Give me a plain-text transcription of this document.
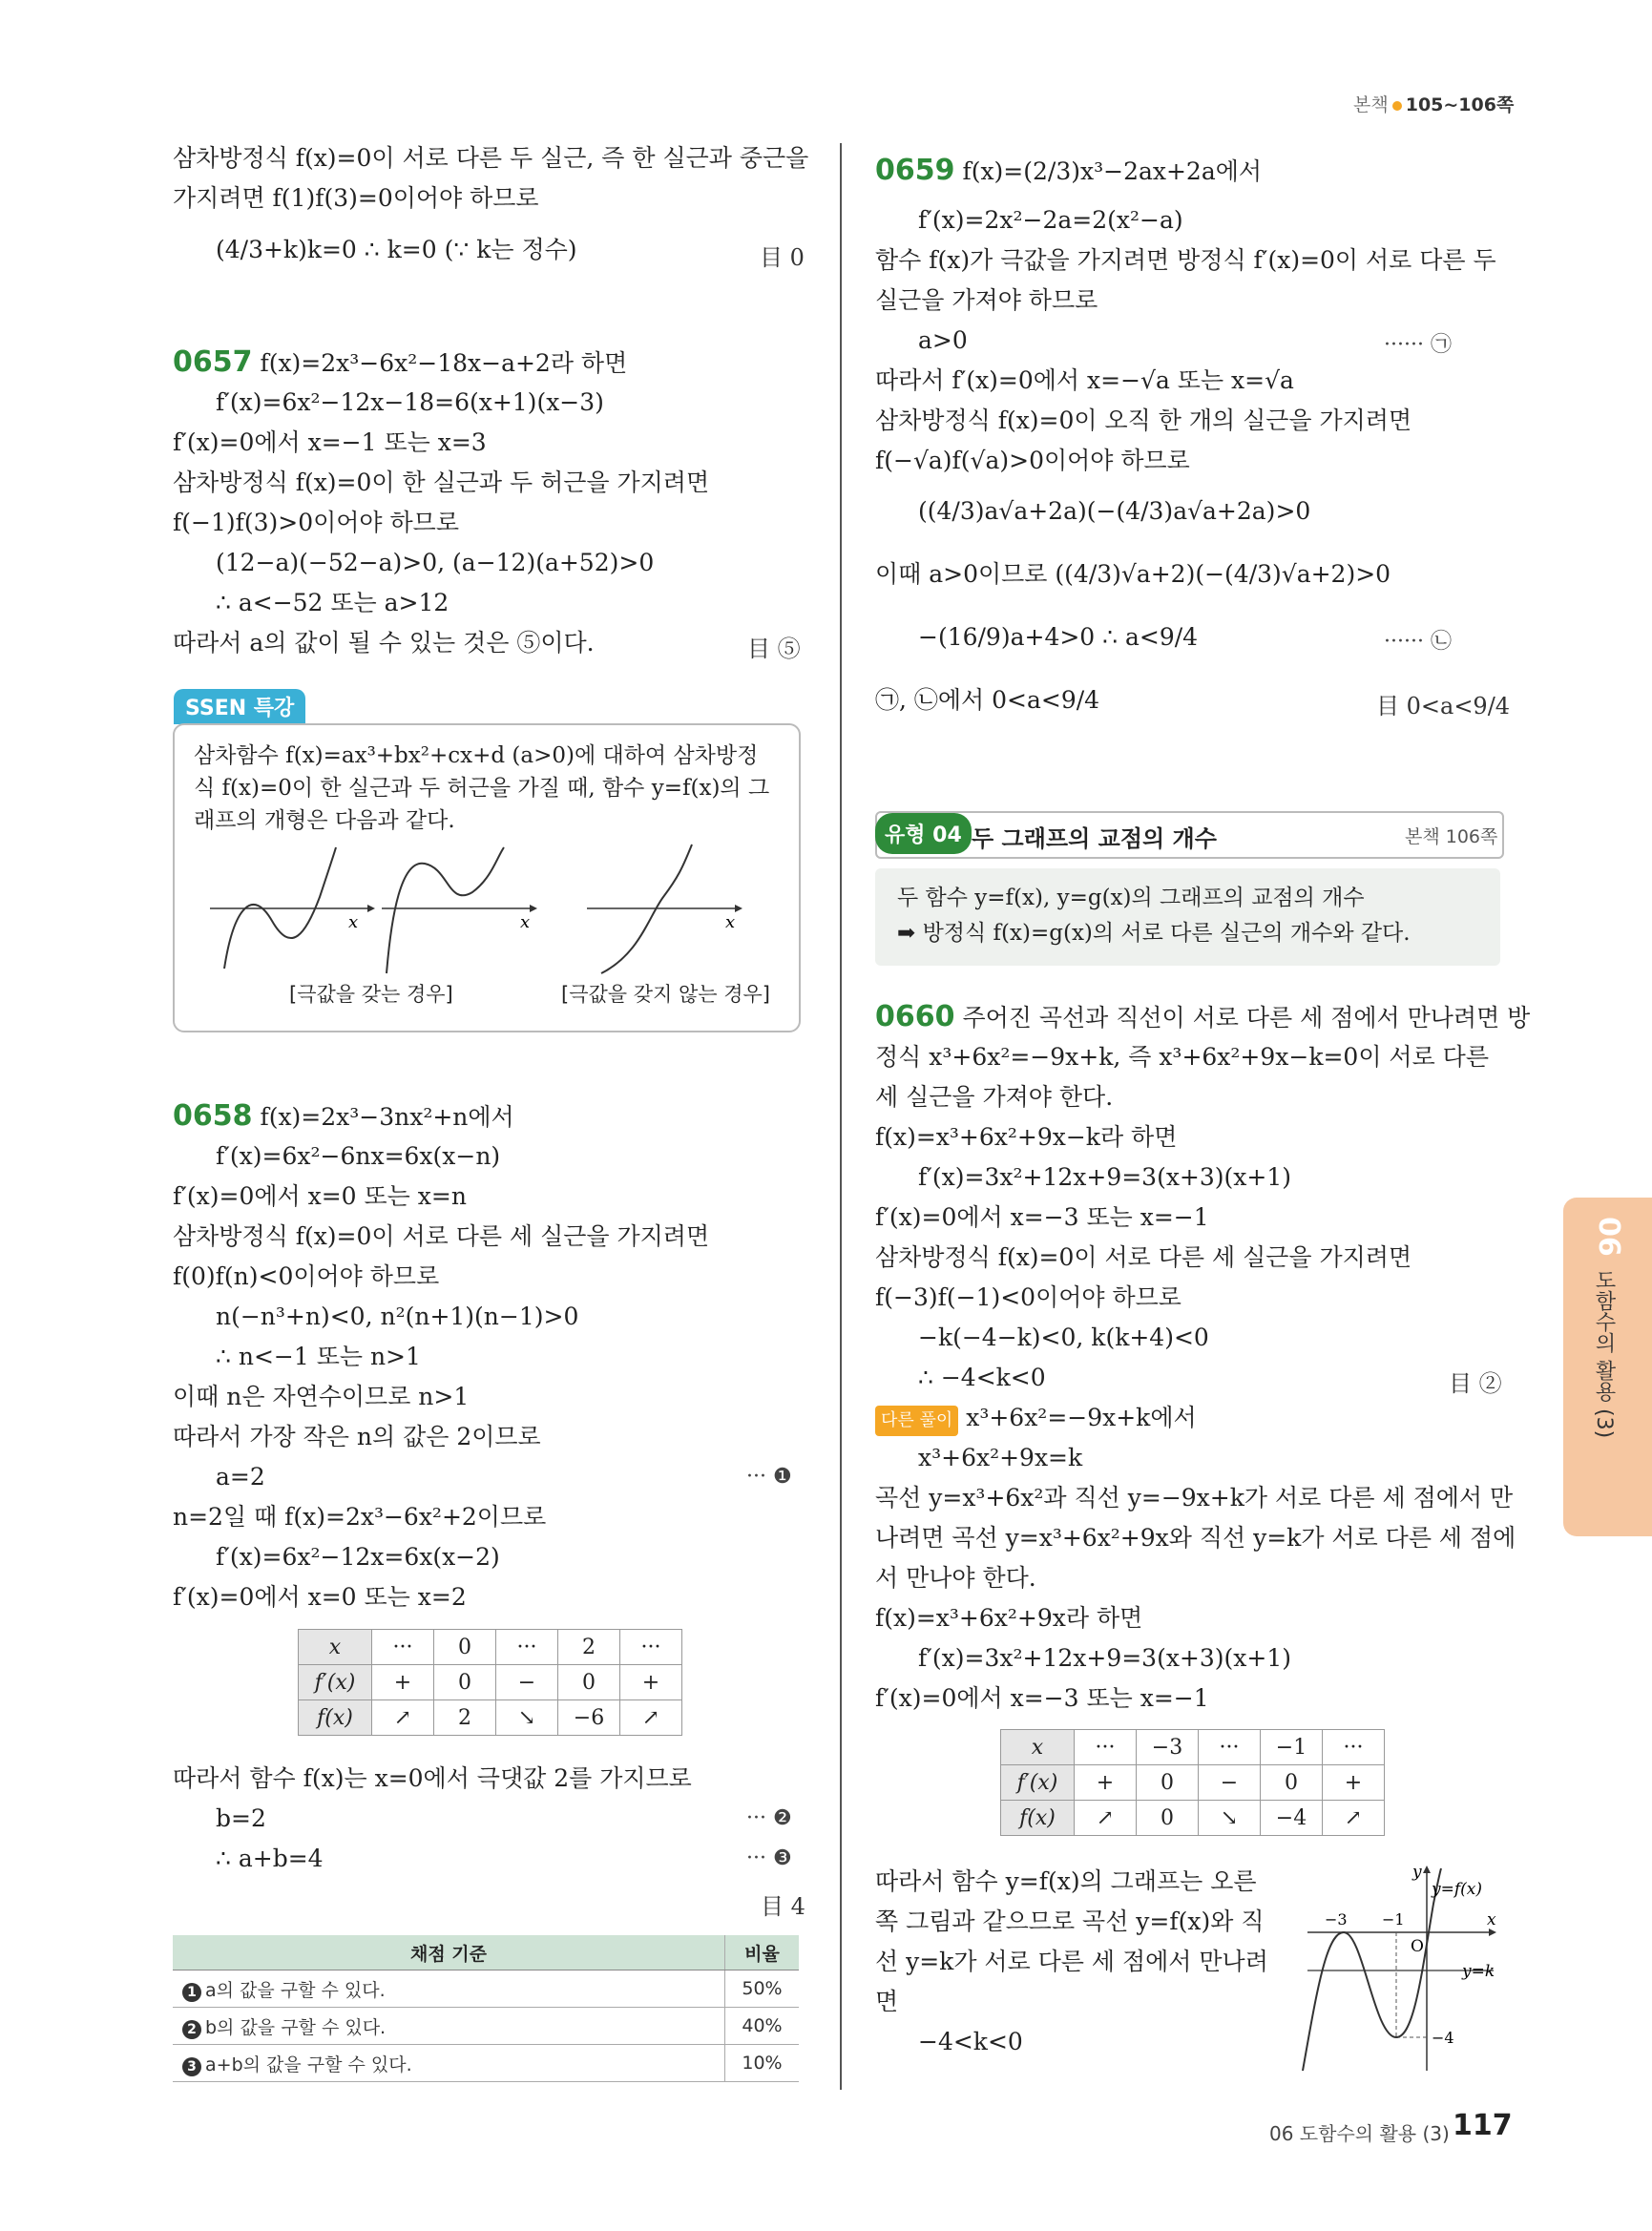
본책 105~106쪽
삼차방정식 f(x)=0이 서로 다른 두 실근, 즉 한 실근과 중근을
가지려면 f(1)f(3)=0이어야 하므로
(4/3+k)k=0 ∴ k=0 (∵ k는 정수)	目 0
0657 f(x)=2x³−6x²−18x−a+2라 하면
f′(x)=6x²−12x−18=6(x+1)(x−3)
f′(x)=0에서 x=−1 또는 x=3
삼차방정식 f(x)=0이 한 실근과 두 허근을 가지려면
f(−1)f(3)>0이어야 하므로
(12−a)(−52−a)>0, (a−12)(a+52)>0
∴ a<−52 또는 a>12
따라서 a의 값이 될 수 있는 것은 ⑤이다.	目 ⑤
SSEN 특강
삼차함수 f(x)=ax³+bx²+cx+d (a>0)에 대하여 삼차방정
식 f(x)=0이 한 실근과 두 허근을 가질 때, 함수 y=f(x)의 그
래프의 개형은 다음과 같다.
x	x	x
[극값을 갖는 경우]	[극값을 갖지 않는 경우]
0658 f(x)=2x³−3nx²+n에서
f′(x)=6x²−6nx=6x(x−n)
f′(x)=0에서 x=0 또는 x=n
삼차방정식 f(x)=0이 서로 다른 세 실근을 가지려면
f(0)f(n)<0이어야 하므로
n(−n³+n)<0, n²(n+1)(n−1)>0
∴ n<−1 또는 n>1
이때 n은 자연수이므로 n>1
따라서 가장 작은 n의 값은 2이므로
a=2	··· ❶
n=2일 때 f(x)=2x³−6x²+2이므로
f′(x)=6x²−12x=6x(x−2)
f′(x)=0에서 x=0 또는 x=2
x	···	0	···	2	···
f′(x)	+	0	−	0	+
f(x)	↗	2	↘	−6	↗
따라서 함수 f(x)는 x=0에서 극댓값 2를 가지므로
b=2	··· ❷
∴ a+b=4	··· ❸
目 4
채점 기준	비율
1 a의 값을 구할 수 있다.	50%
2 b의 값을 구할 수 있다.	40%
3 a+b의 값을 구할 수 있다.	10%
0659 f(x)=(2/3)x³−2ax+2a에서
f′(x)=2x²−2a=2(x²−a)
함수 f(x)가 극값을 가지려면 방정식 f′(x)=0이 서로 다른 두
실근을 가져야 하므로
a>0	······ ㉠
따라서 f′(x)=0에서 x=−√a 또는 x=√a
삼차방정식 f(x)=0이 오직 한 개의 실근을 가지려면
f(−√a)f(√a)>0이어야 하므로
((4/3)a√a+2a)(−(4/3)a√a+2a)>0
이때 a>0이므로 ((4/3)√a+2)(−(4/3)√a+2)>0
−(16/9)a+4>0 ∴ a<9/4	······ ㉡
㉠, ㉡에서 0<a<9/4	目 0<a<9/4
유형 04 두 그래프의 교점의 개수	본책 106쪽
두 함수 y=f(x), y=g(x)의 그래프의 교점의 개수
➡ 방정식 f(x)=g(x)의 서로 다른 실근의 개수와 같다.
0660 주어진 곡선과 직선이 서로 다른 세 점에서 만나려면 방
정식 x³+6x²=−9x+k, 즉 x³+6x²+9x−k=0이 서로 다른
세 실근을 가져야 한다.
f(x)=x³+6x²+9x−k라 하면
f′(x)=3x²+12x+9=3(x+3)(x+1)
f′(x)=0에서 x=−3 또는 x=−1
삼차방정식 f(x)=0이 서로 다른 세 실근을 가지려면
f(−3)f(−1)<0이어야 하므로
−k(−4−k)<0, k(k+4)<0
∴ −4<k<0	目 ②
다른 풀이 x³+6x²=−9x+k에서
x³+6x²+9x=k
곡선 y=x³+6x²과 직선 y=−9x+k가 서로 다른 세 점에서 만
나려면 곡선 y=x³+6x²+9x와 직선 y=k가 서로 다른 세 점에
서 만나야 한다.
f(x)=x³+6x²+9x라 하면
f′(x)=3x²+12x+9=3(x+3)(x+1)
f′(x)=0에서 x=−3 또는 x=−1
x	···	−3	···	−1	···
f′(x)	+	0	−	0	+
f(x)	↗	0	↘	−4	↗
따라서 함수 y=f(x)의 그래프는 오른
쪽 그림과 같으므로 곡선 y=f(x)와 직
선 y=k가 서로 다른 세 점에서 만나려
면
−4<k<0
y
x
y=f(x)
y=k
O
−3 −1
−4
06
도함수의 활용 (3)
06 도함수의 활용 (3) 117
